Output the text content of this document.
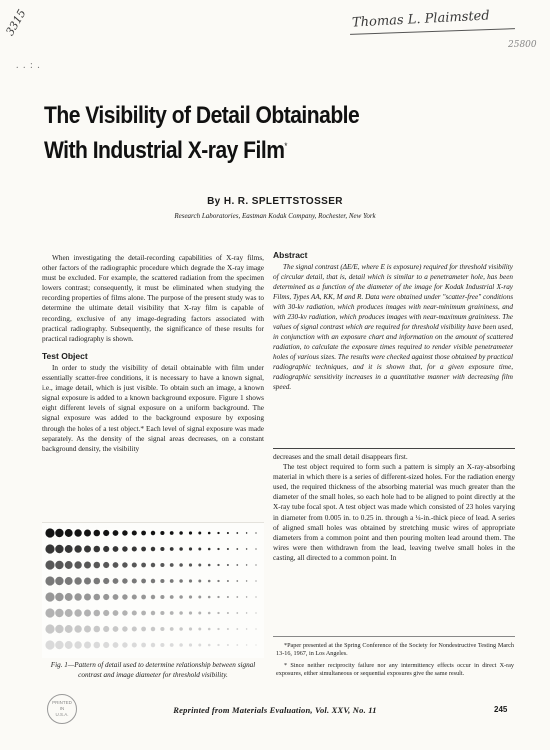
Thomas L. Plaimsted
3315
25800
. . : .
The Visibility of Detail Obtainable
With Industrial X-ray Film*
By H. R. SPLETTSTOSSER
Research Laboratories, Eastman Kodak Company, Rochester, New York

When investigating the detail-recording capabilities of X-ray films, other factors of the radiographic procedure which degrade the X-ray image must be excluded. For example, the scattered radiation from the specimen lowers contrast; consequently, it must be eliminated when studying the recording properties of films alone. The purpose of the present study was to determine the ultimate detail visibility that X-ray film is capable of recording, exclusive of any image-degrading factors associated with practical radiography. Subsequently, the significance of these results for practical radiography is shown.

Test Object

In order to study the visibility of detail obtainable with film under essentially scatter-free conditions, it is necessary to have a known signal, i.e., image detail, which is just visible. To obtain such an image, a known signal exposure is added to a known background exposure. Figure 1 shows eight different levels of signal exposure on a uniform background. The signal exposure was added to the background exposure by exposing through the holes of a test object.* Each level of signal exposure was made separately. As the density of the signal areas decreases, on a constant background density, the visibility

Abstract
The signal contrast (ΔE/E, where E is exposure) required for threshold visibility of circular detail, that is, detail which is similar to a penetrameter hole, has been determined as a function of the diameter of the image for Kodak Industrial X-ray Films, Types AA, KK, M and R. Data were obtained under "scatter-free" conditions with 30-kv radiation, which produces images with near-minimum graininess, and with 230-kv radiation, which produces images with near-maximum graininess. The values of signal contrast which are required for threshold visibility have been used, in conjunction with an exposure chart and information on the amount of scattered radiation, to calculate the exposure times required to render visible penetrameter holes of various sizes. The results were checked against those obtained by practical radiographic techniques, and it is shown that, for a given exposure time, radiographic sensitivity increases in a quantitative manner with decreasing film speed.

decreases and the small detail disappears first.

The test object required to form such a pattern is simply an X-ray-absorbing material in which there is a series of different-sized holes. For the radiation energy used, the required thickness of the absorbing material was much greater than the diameter of the small holes, so each hole had to be aligned to point directly at the X-ray tube focal spot. A test object was made which consisted of 23 holes varying in diameter from 0.005 in. to 0.25 in. through a ¼-in.-thick piece of lead. A series of aligned small holes was obtained by stretching music wires of appropriate diameters from a common point and then pouring molten lead around them. The wires were then withdrawn from the lead, leaving twelve small holes in the casting, all directed to a common point. In

Fig. 1—Pattern of detail used to determine relationship between signal contrast and image diameter for threshold visibility.

*Paper presented at the Spring Conference of the Society for Nondestructive Testing March 13-16, 1967, in Los Angeles.

* Since neither reciprocity failure nor any intermittency effects occur in direct X-ray exposures, either simultaneous or sequential exposures give the same result.

PRINTED
IN
U.S.A.	Reprinted from Materials Evaluation, Vol. XXV, No. 11	245
